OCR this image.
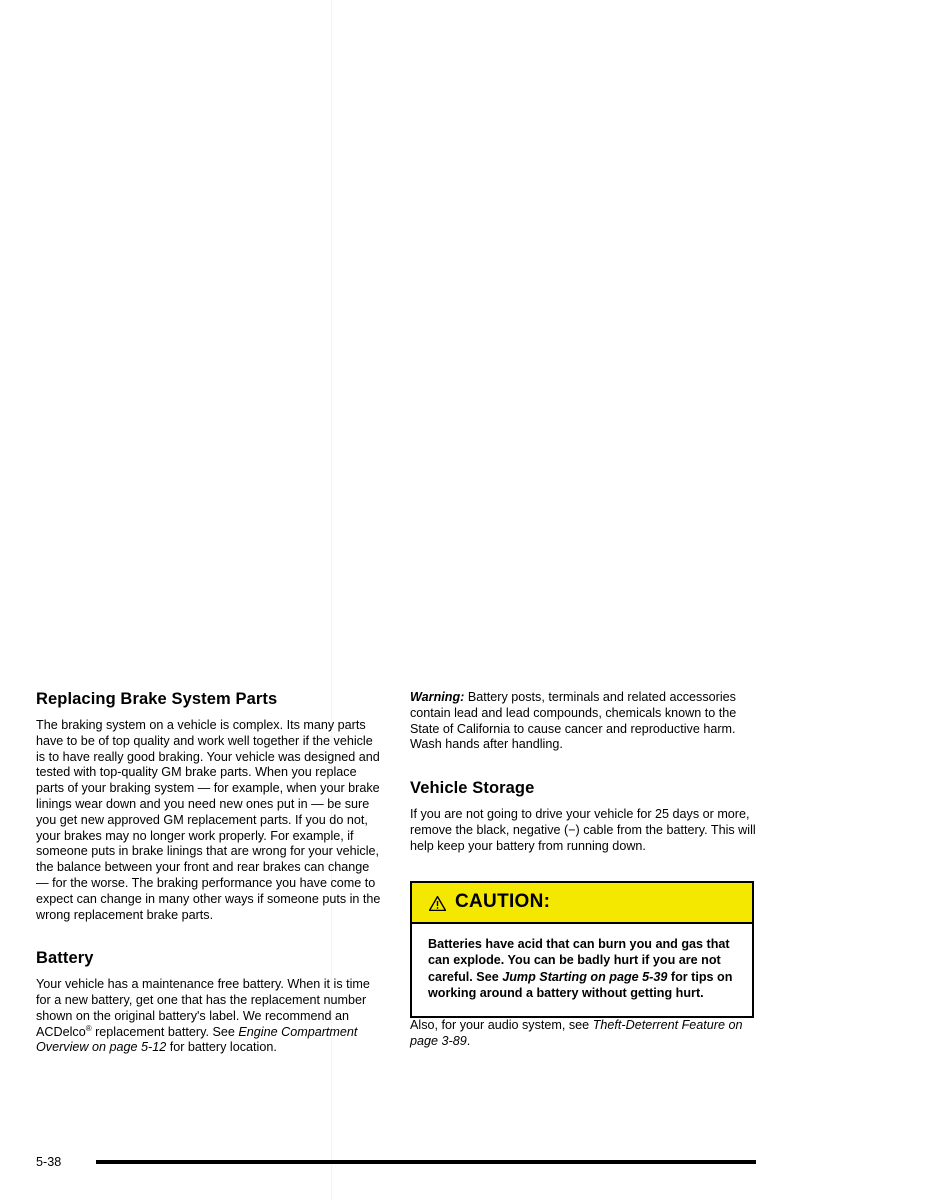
Replacing Brake System Parts

The braking system on a vehicle is complex. Its many parts have to be of top quality and work well together if the vehicle is to have really good braking. Your vehicle was designed and tested with top-quality GM brake parts. When you replace parts of your braking system — for example, when your brake linings wear down and you need new ones put in — be sure you get new approved GM replacement parts. If you do not, your brakes may no longer work properly. For example, if someone puts in brake linings that are wrong for your vehicle, the balance between your front and rear brakes can change — for the worse. The braking performance you have come to expect can change in many other ways if someone puts in the wrong replacement brake parts.

Battery

Your vehicle has a maintenance free battery. When it is time for a new battery, get one that has the replacement number shown on the original battery's label. We recommend an ACDelco® replacement battery. See Engine Compartment Overview on page 5-12 for battery location.

Warning: Battery posts, terminals and related accessories contain lead and lead compounds, chemicals known to the State of California to cause cancer and reproductive harm. Wash hands after handling.

Vehicle Storage

If you are not going to drive your vehicle for 25 days or more, remove the black, negative (−) cable from the battery. This will help keep your battery from running down.

CAUTION:

Batteries have acid that can burn you and gas that can explode. You can be badly hurt if you are not careful. See Jump Starting on page 5-39 for tips on working around a battery without getting hurt.

Also, for your audio system, see Theft-Deterrent Feature on page 3-89.

5-38
